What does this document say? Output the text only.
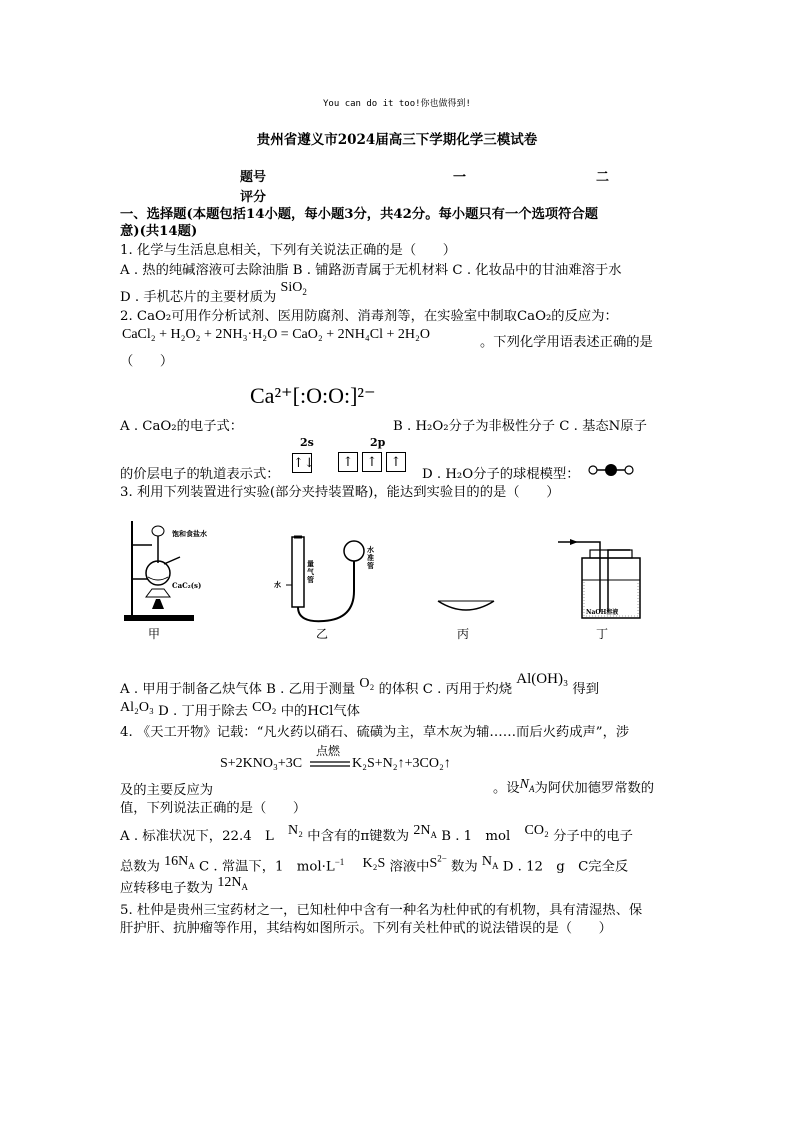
You can do it too!你也做得到!
贵州省遵义市2024届高三下学期化学三模试卷
题号	一	二
评分
一、选择题(本题包括14小题，每小题3分，共42分。每小题只有一个选项符合题
意)(共14题)
1. 化学与生活息息相关，下列有关说法正确的是（　　）
A . 热的纯碱溶液可去除油脂 B . 铺路沥青属于无机材料 C . 化妆品中的甘油难溶于水
D . 手机芯片的主要材质为 SiO$_2$
2. CaO₂可用作分析试剂、医用防腐剂、消毒剂等，在实验室中制取CaO₂的反应为：
CaCl₂ + H₂O₂ + 2NH₃·H₂O = CaO₂ + 2NH₄Cl + 2H₂O
。下列化学用语表述正确的是
（　　）
Ca²⁺[:O:O:]²⁻
A . CaO₂的电子式：	B . H₂O₂分子为非极性分子 C . 基态N原子
的价层电子的轨道表示式：
2s	2p
↑↓	↑	↑	↑
D . H₂O分子的球棍模型：
3. 利用下列装置进行实验(部分夹持装置略)，能达到实验目的的是（　　）
饱和食盐水
CaC₂(s)
甲
水
量气管
水准管
乙	丙
NaOH溶液
丁
A . 甲用于制备乙炔气体 B . 乙用于测量 O₂ 的体积 C . 丙用于灼烧 Al(OH)₃ 得到
Al₂O₃ D . 丁用于除去 CO₂ 中的HCl气体
4. 《天工开物》记载：“凡火药以硝石、硫磺为主，草木灰为辅……而后火药成声”，涉
点燃
S+2KNO₃+3C	K₂S+N₂↑+3CO₂↑
及的主要反应为	。设$N_A$为阿伏加德罗常数的
值，下列说法正确的是（　　）
A . 标准状况下，22.4　L N₂ 中含有的π键数为 $2N_A$ B . 1　mol CO₂ 分子中的电子
总数为 $16N_A$ C . 常温下，1　$mol\cdot L^{-1}$ K₂S 溶液中$S^{2-}$ 数为 $N_A$ D . 12　g　C完全反
应转移电子数为 $12N_A$
5. 杜仲是贵州三宝药材之一，已知杜仲中含有一种名为杜仲甙的有机物，具有清湿热、保
肝护肝、抗肿瘤等作用，其结构如图所示。下列有关杜仲甙的说法错误的是（　　）
